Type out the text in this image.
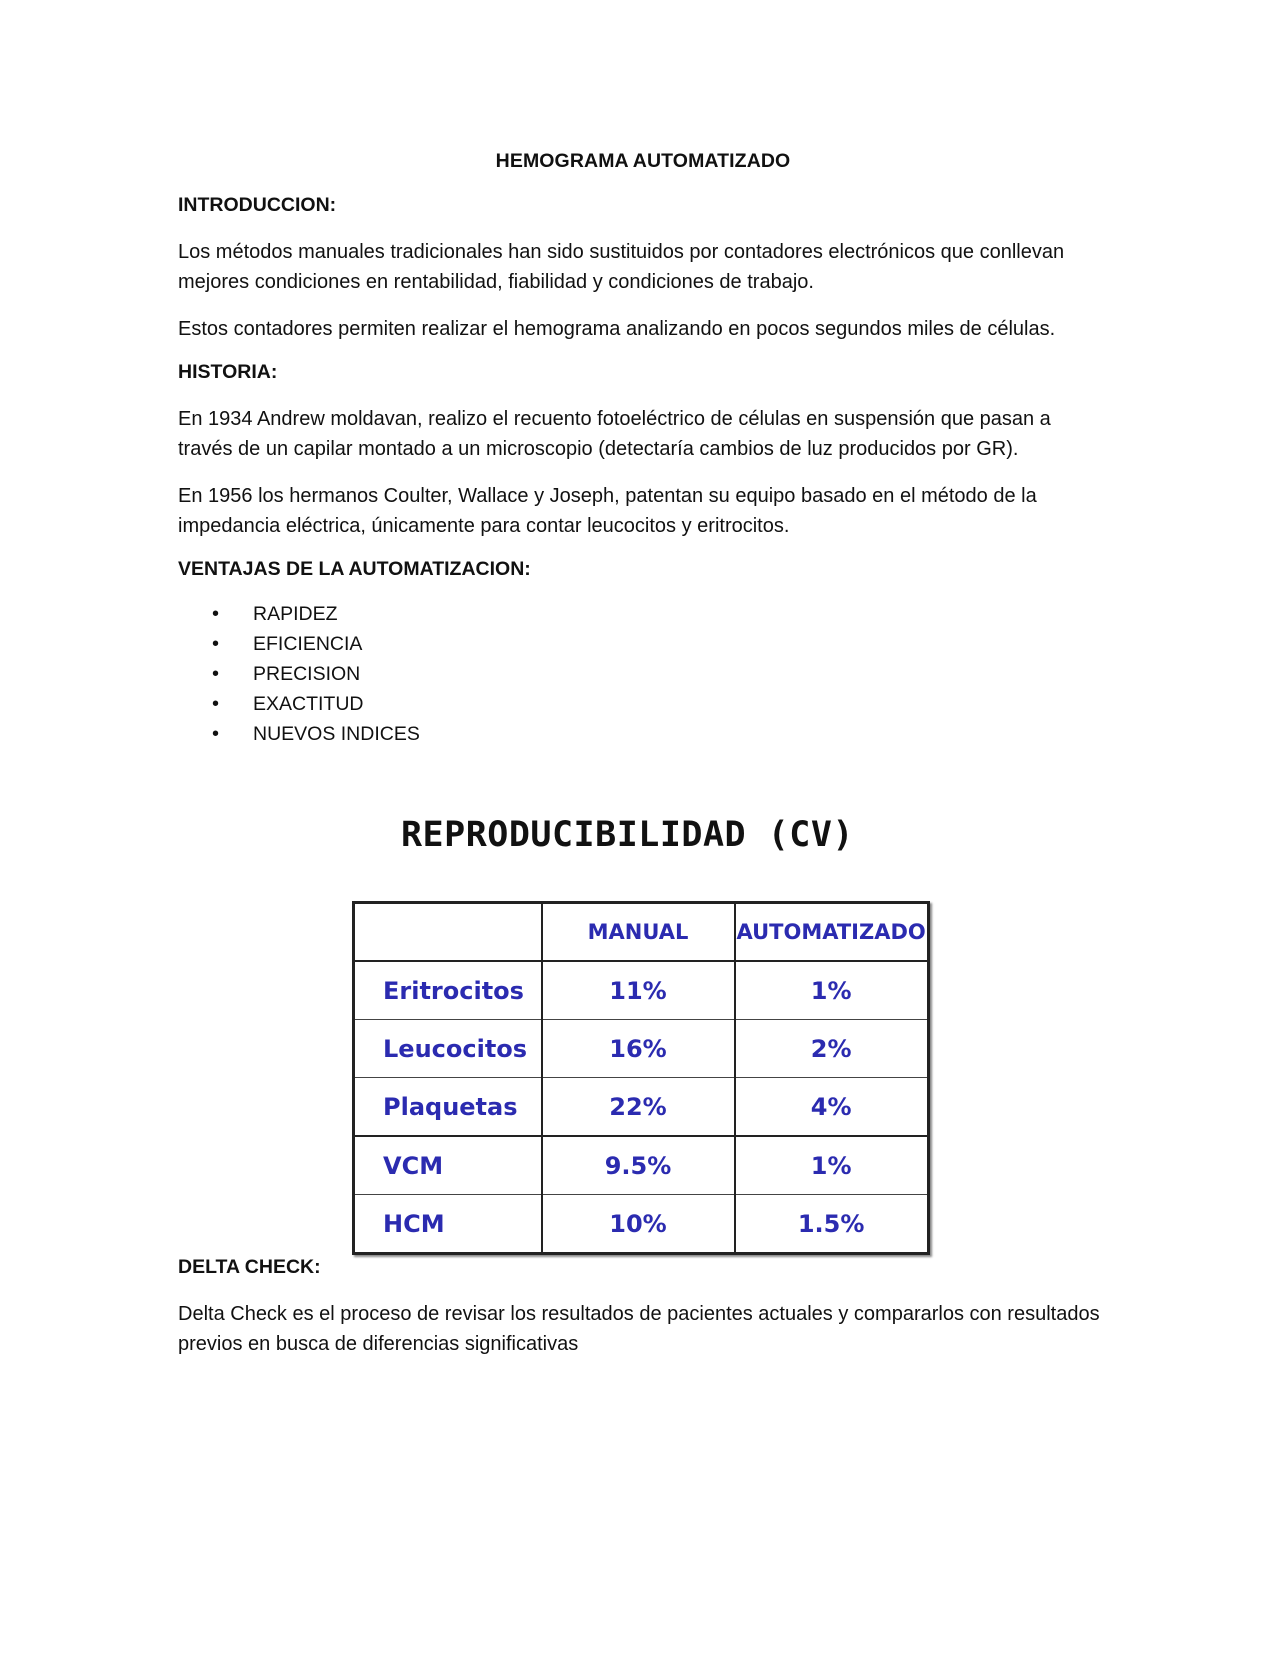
HEMOGRAMA AUTOMATIZADO
INTRODUCCION:

Los métodos manuales tradicionales han sido sustituidos por contadores electrónicos que conllevan mejores condiciones en rentabilidad, fiabilidad y condiciones de trabajo.

Estos contadores permiten realizar el hemograma analizando en pocos segundos miles de células.

HISTORIA:

En 1934 Andrew moldavan, realizo el recuento fotoeléctrico de células en suspensión que pasan a través de un capilar montado a un microscopio (detectaría cambios de luz producidos por GR).

En 1956 los hermanos Coulter, Wallace y Joseph, patentan su equipo basado en el método de la impedancia eléctrica, únicamente para contar leucocitos y eritrocitos.

VENTAJAS DE LA AUTOMATIZACION:
• RAPIDEZ
• EFICIENCIA
• PRECISION
• EXACTITUD
• NUEVOS INDICES
REPRODUCIBILIDAD (CV)
	MANUAL	AUTOMATIZADO
Eritrocitos	11%	1%
Leucocitos	16%	2%
Plaquetas	22%	4%
VCM	9.5%	1%
HCM	10%	1.5%
DELTA CHECK:

Delta Check es el proceso de revisar los resultados de pacientes actuales y compararlos con resultados previos en busca de diferencias significativas
